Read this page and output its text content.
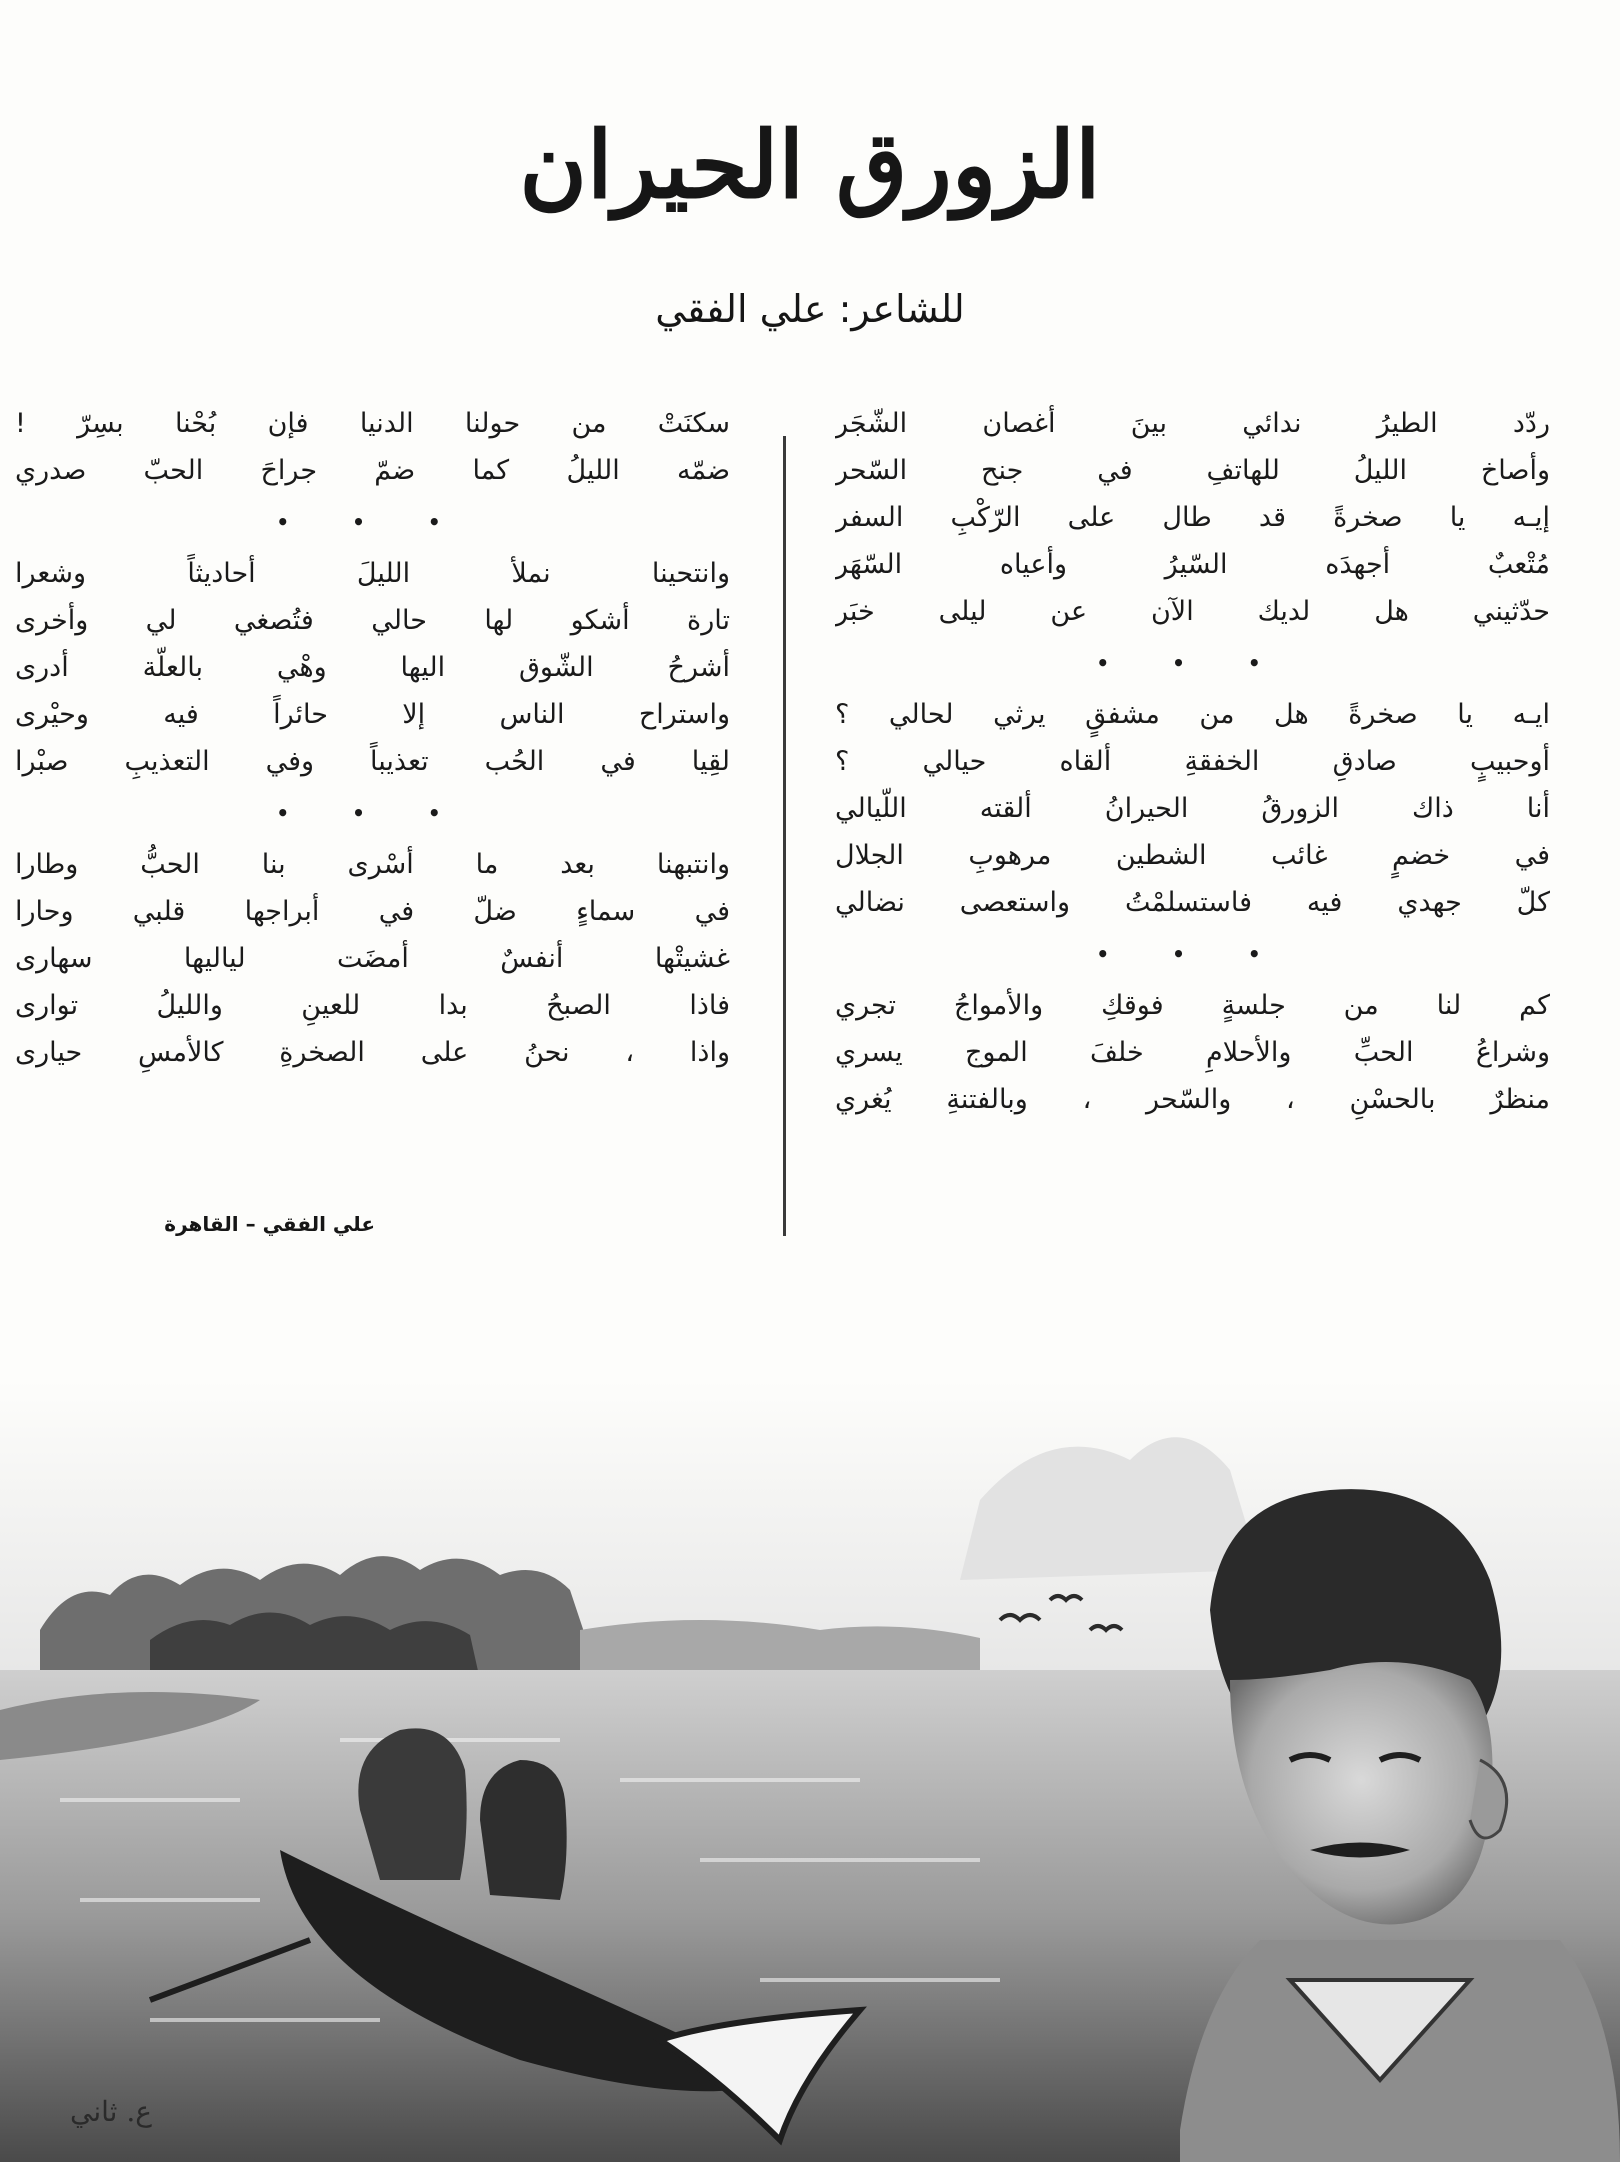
الزورق الحيران
للشاعر: علي الفقي
ردّد الطيرُ ندائي بينَ أغصان الشّجَر
وأصاخ الليلُ للهاتفِ في جنح السّحر
إيـه يا صخرةً قد طال على الرّكْبِ السفر
مُتْعبٌ أجهدَه السّيرُ وأعياه السّهَر
حدّثيني هل لديك الآن عن ليلى خبَر
• • •
ايـه يا صخرةً هل من مشفقٍ يرثي لحالي ؟
أوحبيبٍ صادقِ الخفقةِ ألقاه حيالي ؟
أنا ذاك الزورقُ الحيرانُ ألقته اللّيالي
في خضمٍ غائب الشطين مرهوبِ الجلال
كلّ جهدي فيه فاستسلمْتُ واستعصى نضالي
• • •
كم لنا من جلسةٍ فوقكِ والأمواجُ تجري
وشراعُ الحبِّ والأحلامِ خلفَ الموج يسري
منظرٌ بالحسْنِ ، والسّحر ، وبالفتنةِ يُغري
سكنَتْ من حولنا الدنيا فإن بُحْنا بسِرّ !
ضمّه الليلُ كما ضمّ جراحَ الحبّ صدري
• • •
وانتحينا نملأ الليلَ أحاديثاً وشعرا
تارة أشكو لها حالي فتُصغي لي وأخرى
أشرحُ الشّوق اليها وهْي بالعلّة أدرى
واستراح الناس إلا حائراً فيه وحيْرى
لقِيا في الحُب تعذيباً وفي التعذيبِ صبْرا
• • •
وانتبهنا بعد ما أسْرى بنا الحبُّ وطارا
في سماءٍ ضلّ في أبراجها قلبي وحارا
غشيتْها أنفسٌ أمضَت لياليها سهارى
فاذا الصبحُ بدا للعينِ والليلُ توارى
واذا ، نحنُ على الصخرةِ كالأمسِ حيارى
علي الفقي – القاهرة
ع. ثاني
